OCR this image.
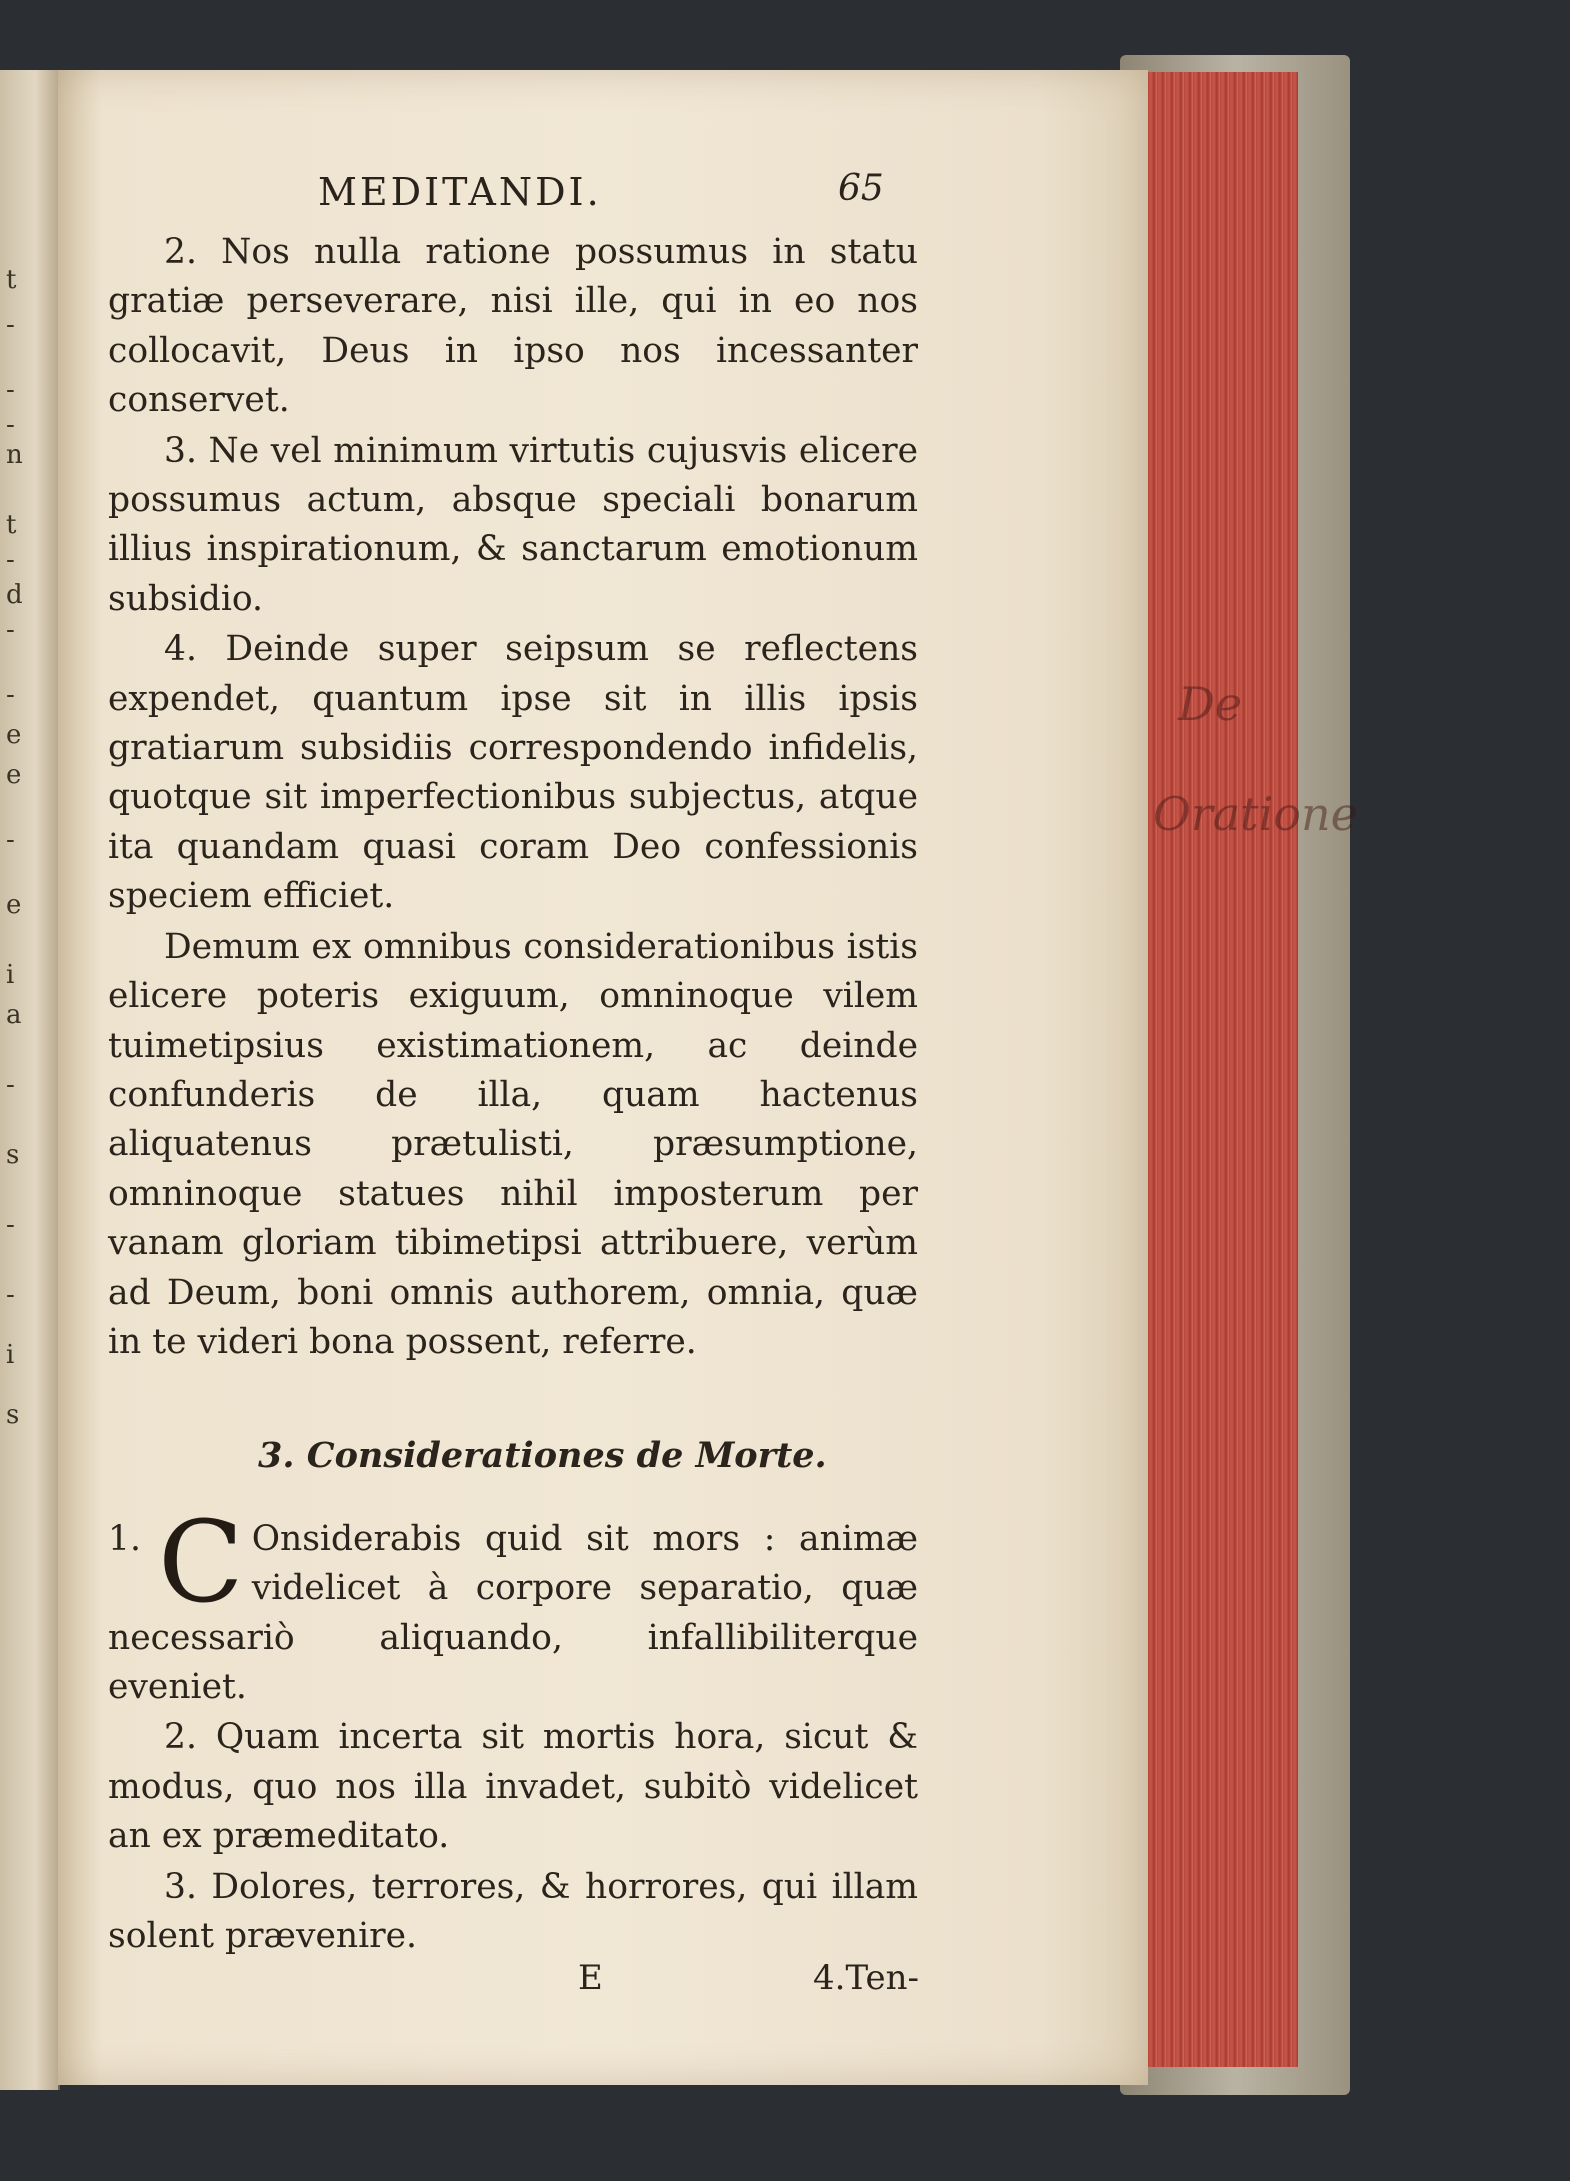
t
-
-
-
n
t
-
d
-
-
e
e
-
e
i
a
-
s
-
-
i
s
De
Oratione
MEDITANDI.	65

2. Nos nulla ratione possumus in statu gratiæ perseverare, nisi ille, qui in eo nos collocavit, Deus in ipso nos incessanter conservet.

3. Ne vel minimum virtutis cujusvis elicere possumus actum, absque speciali bonarum illius inspirationum, & sanctarum emotionum subsidio.

4. Deinde super seipsum se reflectens expendet, quantum ipse sit in illis ipsis gratiarum subsidiis correspondendo infidelis, quotque sit imperfectionibus subjectus, atque ita quandam quasi coram Deo confessionis speciem efficiet.

Demum ex omnibus considerationibus istis elicere poteris exiguum, omninoque vilem tuimetipsius existimationem, ac deinde confunderis de illa, quam hactenus aliquatenus prætulisti, præsumptione, omninoque statues nihil imposterum per vanam gloriam tibimetipsi attribuere, verùm ad Deum, boni omnis authorem, omnia, quæ in te videri bona possent, referre.

3. Considerationes de Morte.

1. C Onsiderabis quid sit mors : animæ videlicet à corpore separatio, quæ necessariò aliquando, infallibiliterque eveniet.

2. Quam incerta sit mortis hora, sicut & modus, quo nos illa invadet, subitò videlicet an ex præmeditato.

3. Dolores, terrores, & horrores, qui illam solent prævenire.

E	4.Ten-
